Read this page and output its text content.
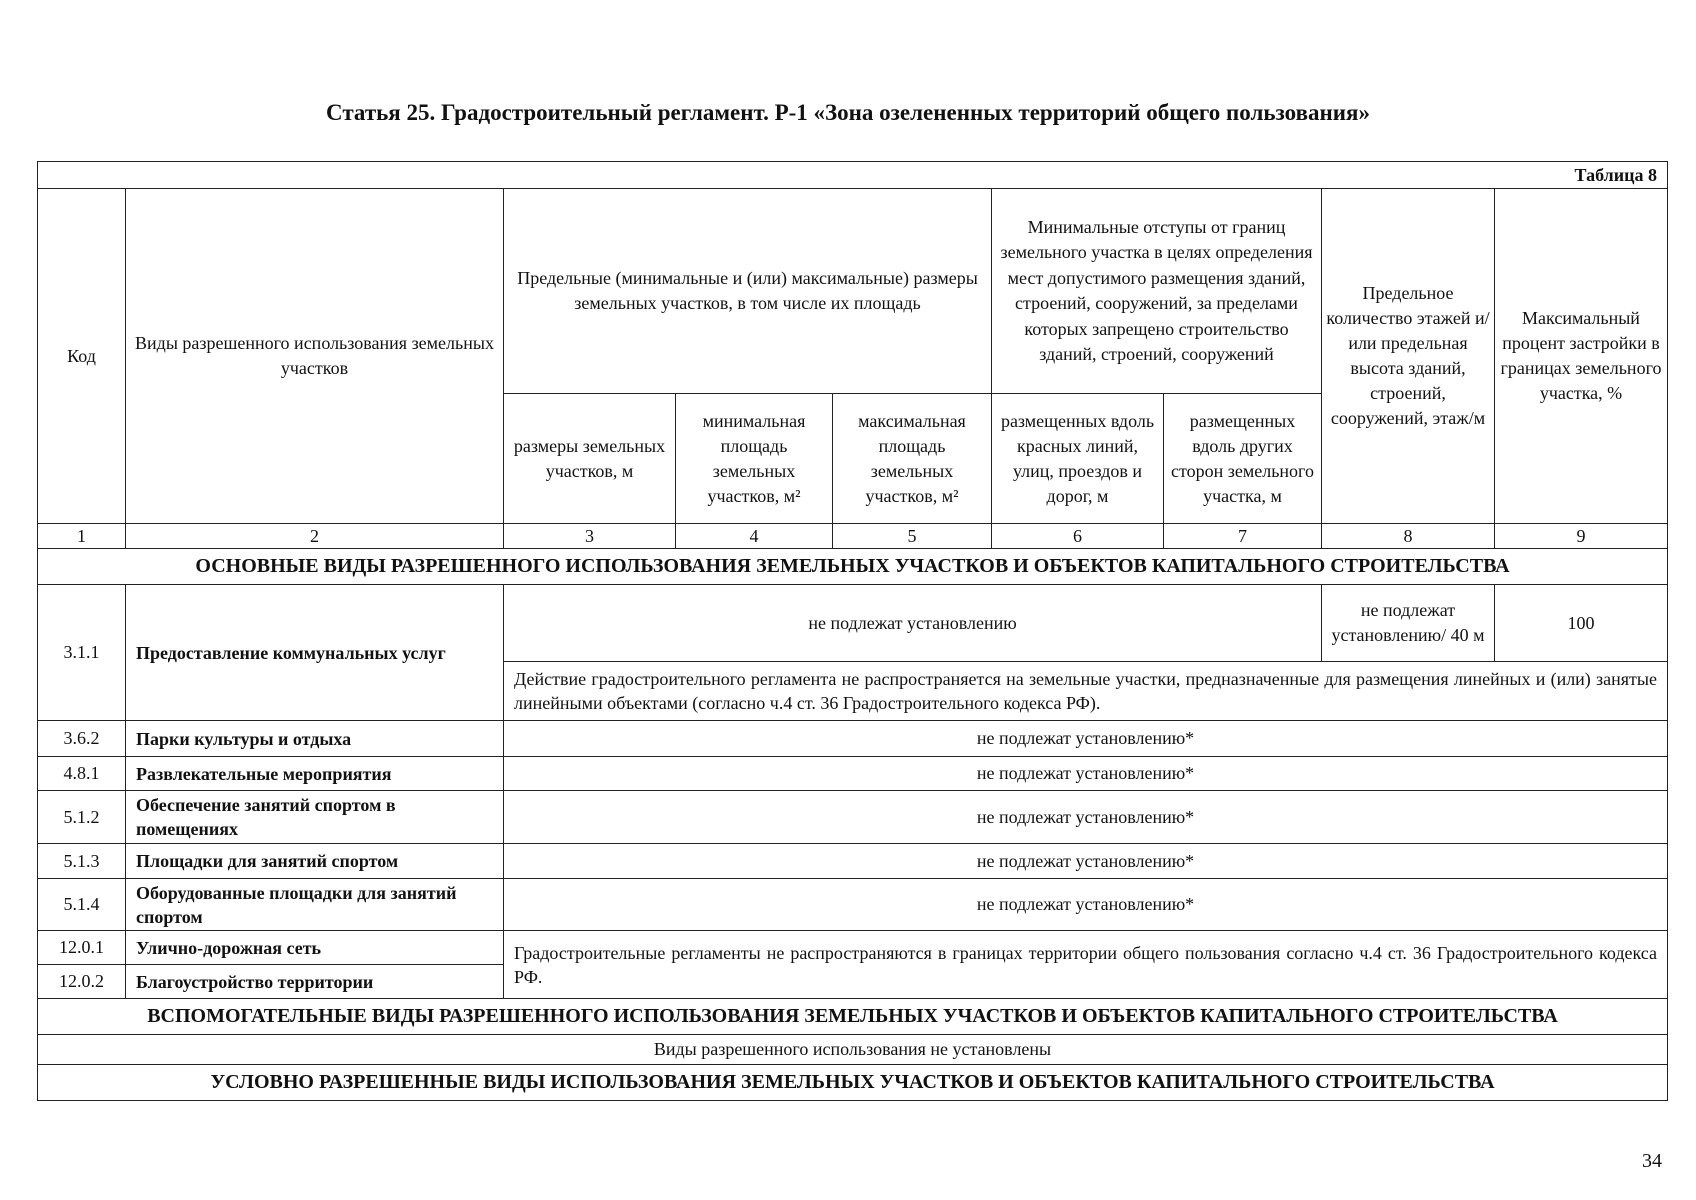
Статья 25. Градостроительный регламент. Р-1 «Зона озелененных территорий общего пользования»
Таблица 8								
Код	Виды разрешенного использования земельных участков	Предельные (минимальные и (или) максимальные) размеры земельных участков, в том числе их площадь			Минимальные отступы от границ земельного участка в целях определения мест допустимого размещения зданий, строений, сооружений, за пределами которых запрещено строительство зданий, строений, сооружений		Предельное количество этажей и/или предельная высота зданий, строений, сооружений, этаж/м	Максимальный процент застройки в границах земельного участка, %
		размеры земельных участков, м	минимальная площадь земельных участков, м²	максимальная площадь земельных участков, м²	размещенных вдоль красных линий, улиц, проездов и дорог, м	размещенных вдоль других сторон земельного участка, м		
1	2	3	4	5	6	7	8	9
ОСНОВНЫЕ ВИДЫ РАЗРЕШЕННОГО ИСПОЛЬЗОВАНИЯ ЗЕМЕЛЬНЫХ УЧАСТКОВ И ОБЪЕКТОВ КАПИТАЛЬНОГО СТРОИТЕЛЬСТВА								
3.1.1	Предоставление коммунальных услуг	не подлежат установлению					не подлежат установлению/ 40 м	100
		Действие градостроительного регламента не распространяется на земельные участки, предназначенные для размещения линейных и (или) занятые линейными объектами (согласно ч.4 ст. 36 Градостроительного кодекса РФ).						
3.6.2	Парки культуры и отдыха	не подлежат установлению*						
4.8.1	Развлекательные мероприятия	не подлежат установлению*						
5.1.2	Обеспечение занятий спортом в помещениях	не подлежат установлению*						
5.1.3	Площадки для занятий спортом	не подлежат установлению*						
5.1.4	Оборудованные площадки для занятий спортом	не подлежат установлению*						
12.0.1	Улично-дорожная сеть	Градостроительные регламенты не распространяются в границах территории общего пользования согласно ч.4 ст. 36 Градостроительного кодекса РФ.						
12.0.2	Благоустройство территории							
ВСПОМОГАТЕЛЬНЫЕ ВИДЫ РАЗРЕШЕННОГО ИСПОЛЬЗОВАНИЯ ЗЕМЕЛЬНЫХ УЧАСТКОВ И ОБЪЕКТОВ КАПИТАЛЬНОГО СТРОИТЕЛЬСТВА								
Виды разрешенного использования не установлены								
УСЛОВНО РАЗРЕШЕННЫЕ ВИДЫ ИСПОЛЬЗОВАНИЯ ЗЕМЕЛЬНЫХ УЧАСТКОВ И ОБЪЕКТОВ КАПИТАЛЬНОГО СТРОИТЕЛЬСТВА								
34
